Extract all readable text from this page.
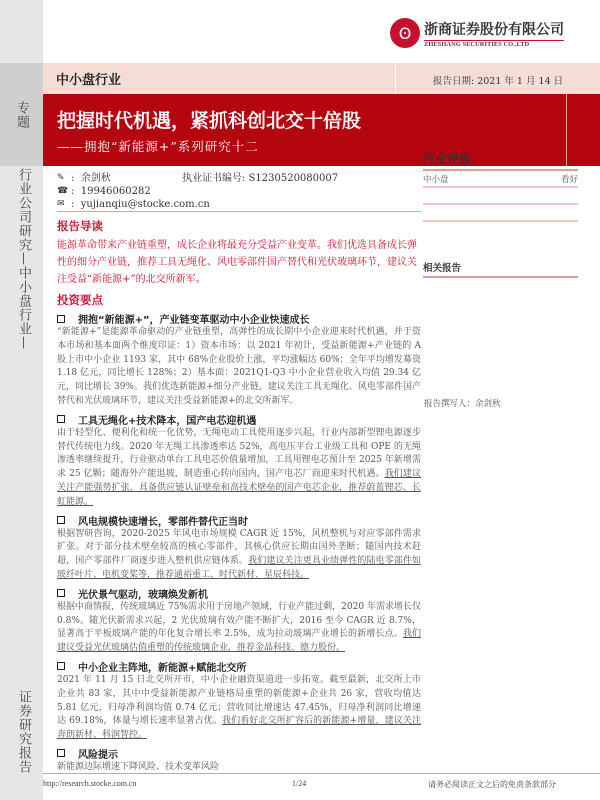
专题
行业公司研究—中小盘行业—
证券研究报告
Ꙩ 浙商证券股份有限公司
ZHESHANG SECURITIES CO.,LTD
中小盘行业	报告日期: 2021 年 1 月 14 日
把握时代机遇，紧抓科创北交十倍股
——拥抱“新能源+”系列研究十二
✎ :
余剑秋
☎ :
19946060282
✉ :
yujianqiu@stocke.com.cn
执业证书编号: S1230520080007
报告导读
能源革命带来产业链重塑，成长企业将最充分受益产业变革。我们优选具备成长弹性的细分产业链，推荐工具无绳化、风电零部件国产替代和光伏玻璃环节，建议关注受益“新能源+”的北交所新军。
投资要点
拥抱“新能源+”，产业链变革驱动中小企业快速成长
“新能源+”是能源革命驱动的产业链重塑，高弹性的成长期中小企业迎来时代机遇，并于资本市场和基本面两个维度印证：1）资本市场：以 2021 年初计，受益新能源+产业链的 A 股上市中小企业 1193 家，其中 68%企业股价上涨，平均涨幅达 60%；全年平均增发募资 1.18 亿元，同比增长 128%；2）基本面：2021Q1-Q3 中小企业营业收入均值 29.34 亿元，同比增长 39%。我们优选新能源+细分产业链，建议关注工具无绳化、风电零部件国产替代和光伏玻璃环节，建议关注受益新能源+的北交所新军。
工具无绳化+技术降本，国产电芯迎机遇
由于轻型化、便利化和统一化优势，无绳电动工具使用逐步兴起，行业内部新型锂电源逐步替代传统电力线。2020 年无绳工具渗透率达 52%，高电压平台工业级工具和 OPE 的无绳渗透率继续提升，行业驱动单台工具电芯价值量增加，工具用锂电芯预计至 2025 年新增需求 25 亿颗；随海外产能退坡，制造重心转向国内，国产电芯厂商迎来时代机遇。我们建议关注产能强势扩张，具备供应链认证壁垒和高技术壁垒的国产电芯企业，推荐蔚蓝锂芯、长虹能源。
风电规模快速增长，零部件替代正当时
根据智研咨询，2020-2025 年风电市场规模 CAGR 近 15%，风机整机与对应零部件需求扩张。对于部分技术壁垒较高的核心零部件，其核心供应长期由国外垄断；随国内技术赶超，国产零部件厂商逐步进入整机供应链体系。我们建议关注更具业绩弹性的陆电零部件如玻纤叶片、电机变桨等，推荐通裕重工、时代新材、星辰科技。
光伏景气驱动，玻璃焕发新机
根据中商情报，传统玻璃近 75%需求用于房地产领域，行业产能过剩，2020 年需求增长仅 0.8%。随光伏新需求兴起，2 光伏玻璃有效产能不断扩大，2016 至今 CAGR 近 8.7%，显著高于平板玻璃产能的年化复合增长率 2.5%，成为拉动玻璃产业增长的新增长点。我们建议受益光伏玻璃估值重塑的传统玻璃企业，推荐金晶科技、德力股份。
中小企业主阵地，新能源+赋能北交所
2021 年 11 月 15 日北交所开市，中小企业融资渠道进一步拓宽。截至最新，北交所上市企业共 83 家，其中中受益新能源产业链格局重塑的新能源+企业共 26 家，营收均值达 5.81 亿元，归母净利润均值 0.74 亿元；营收同比增速达 47.45%，归母净利润同比增速达 69.18%，体量与增长速率显著占优。我们看好北交所扩容后的新能源+增量，建议关注奔朗新材、科润智控。
风险提示
新能源边际增速下降风险、技术变革风险
行业评级
中小盘	看好
相关报告
报告撰写人：余剑秋
http://research.stocke.com.cn	1/24	请务必阅读正文之后的免责条款部分
